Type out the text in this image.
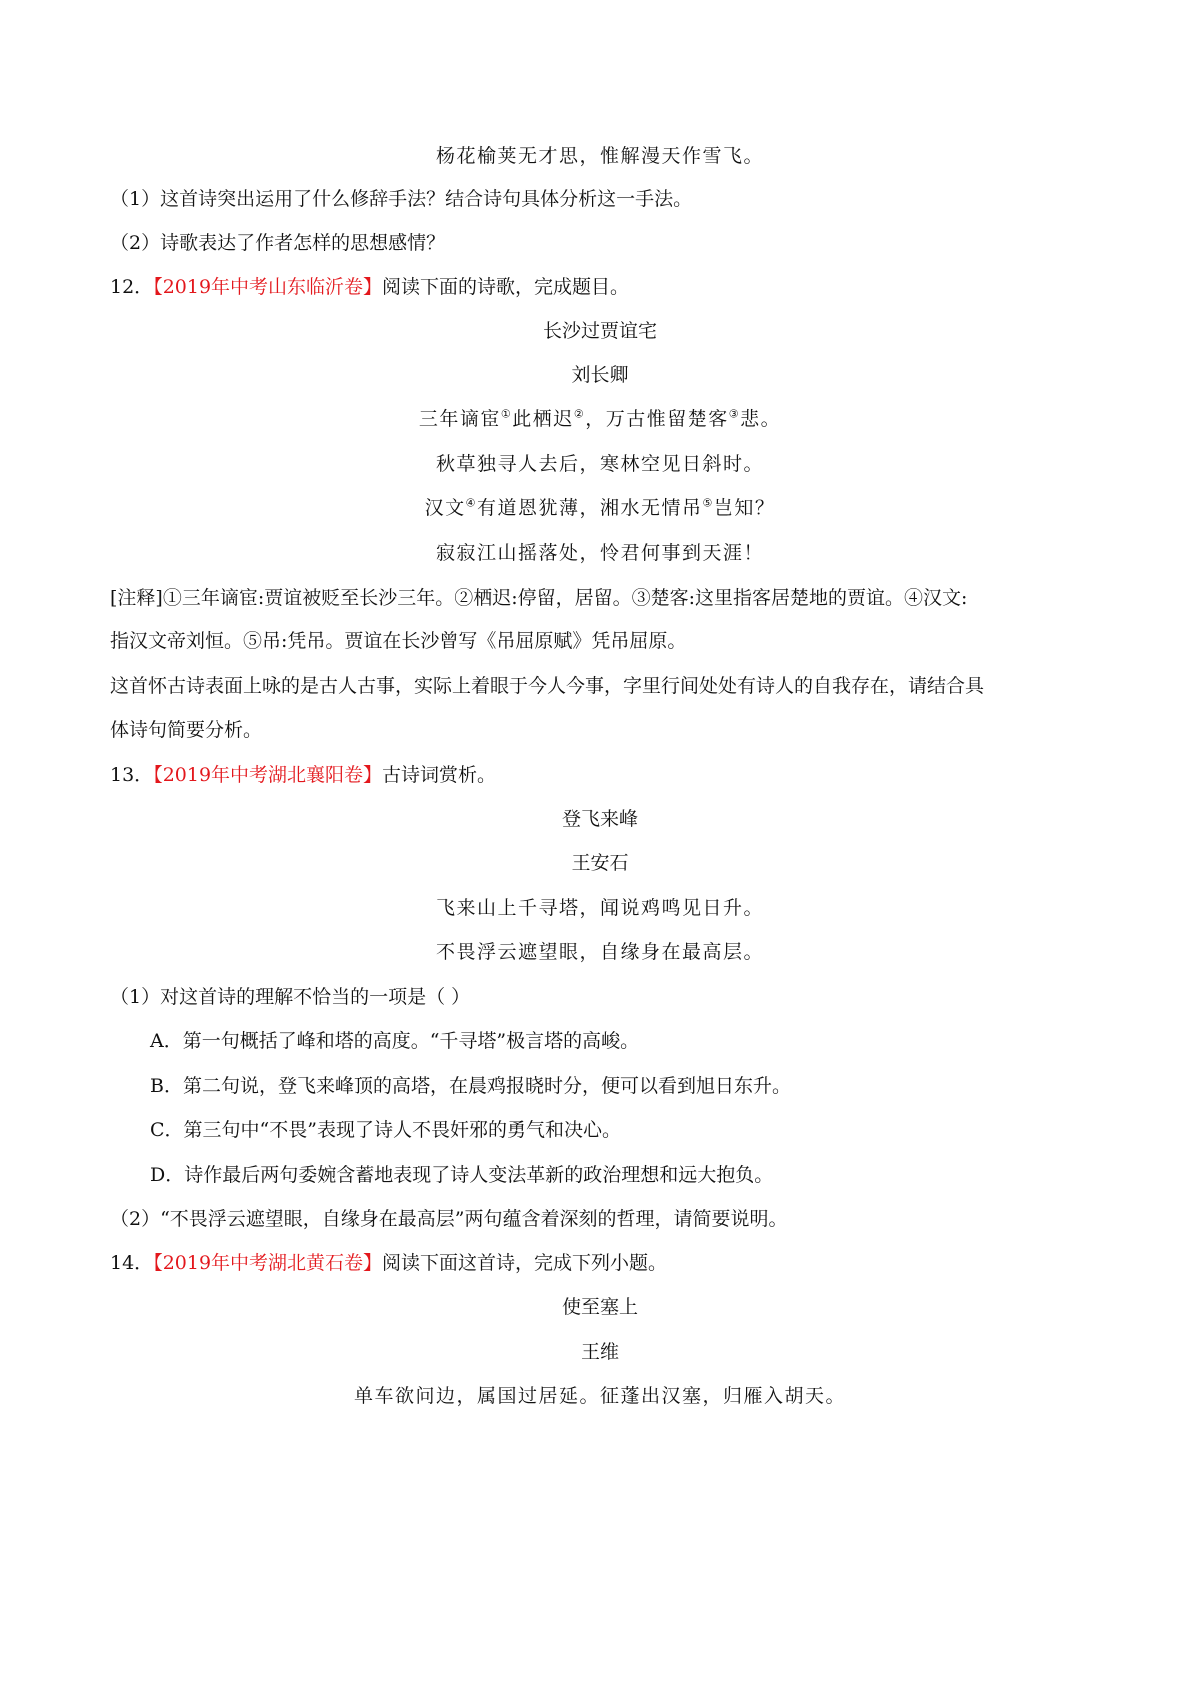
杨花榆荚无才思，惟解漫天作雪飞。
（1）这首诗突出运用了什么修辞手法？结合诗句具体分析这一手法。
（2）诗歌表达了作者怎样的思想感情？
12．【2019年中考山东临沂卷】阅读下面的诗歌，完成题目。
长沙过贾谊宅
刘长卿
三年谪宦①此栖迟②，万古惟留楚客③悲。
秋草独寻人去后，寒林空见日斜时。
汉文④有道恩犹薄，湘水无情吊⑤岂知？
寂寂江山摇落处，怜君何事到天涯！
[注释]①三年谪宦:贾谊被贬至长沙三年。②栖迟:停留，居留。③楚客:这里指客居楚地的贾谊。④汉文:
指汉文帝刘恒。⑤吊:凭吊。贾谊在长沙曾写《吊屈原赋》凭吊屈原。
这首怀古诗表面上咏的是古人古事，实际上着眼于今人今事，字里行间处处有诗人的自我存在，请结合具
体诗句简要分析。
13．【2019年中考湖北襄阳卷】古诗词赏析。
登飞来峰
王安石
飞来山上千寻塔，闻说鸡鸣见日升。
不畏浮云遮望眼，自缘身在最高层。
（1）对这首诗的理解不恰当的一项是（ ）
A．第一句概括了峰和塔的高度。“千寻塔”极言塔的高峻。
B．第二句说，登飞来峰顶的高塔，在晨鸡报晓时分，便可以看到旭日东升。
C．第三句中“不畏”表现了诗人不畏奸邪的勇气和决心。
D．诗作最后两句委婉含蓄地表现了诗人变法革新的政治理想和远大抱负。
（2）“不畏浮云遮望眼，自缘身在最高层”两句蕴含着深刻的哲理，请简要说明。
14．【2019年中考湖北黄石卷】阅读下面这首诗，完成下列小题。
使至塞上
王维
单车欲问边，属国过居延。征蓬出汉塞，归雁入胡天。
